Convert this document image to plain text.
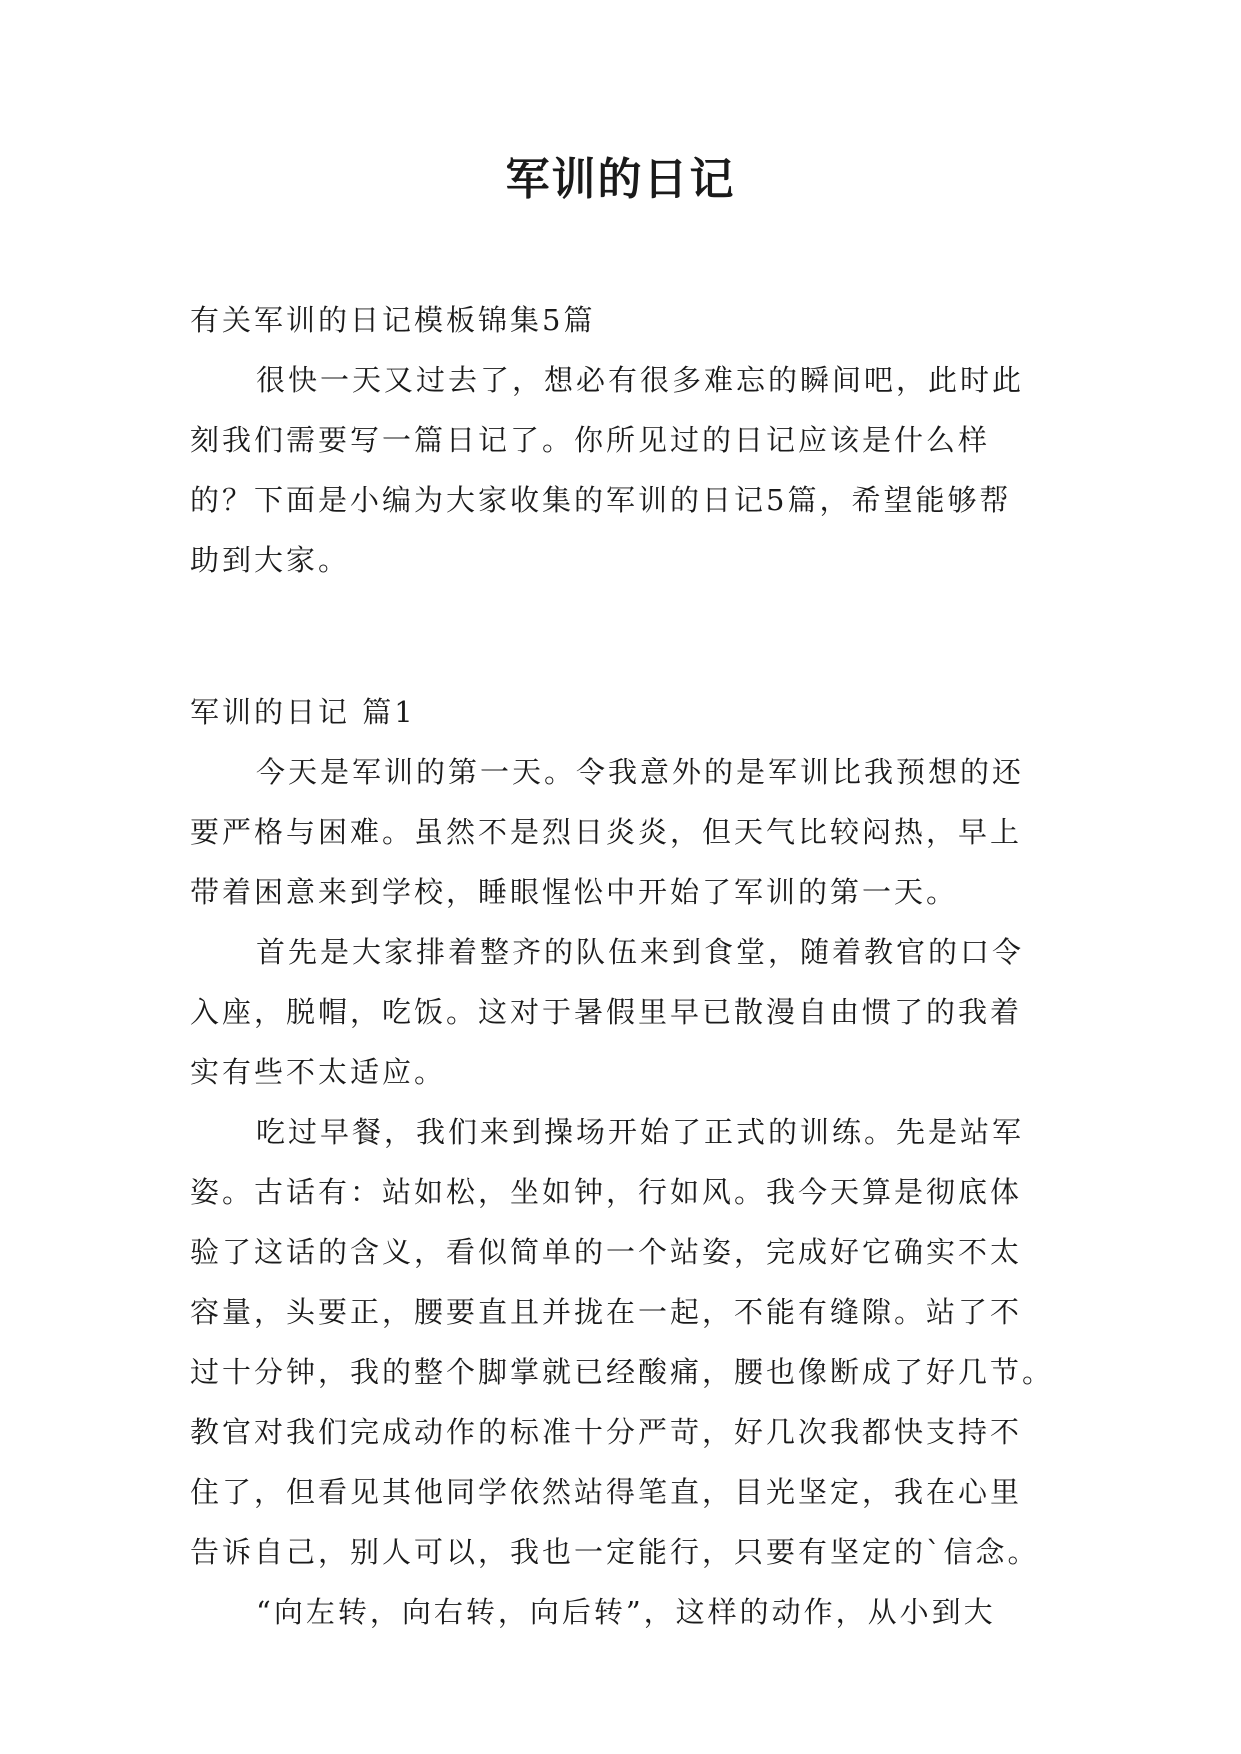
军训的日记

有关军训的日记模板锦集5篇

很快一天又过去了，想必有很多难忘的瞬间吧，此时此

刻我们需要写一篇日记了。你所见过的日记应该是什么样

的？下面是小编为大家收集的军训的日记5篇，希望能够帮

助到大家。

军训的日记 篇1

今天是军训的第一天。令我意外的是军训比我预想的还

要严格与困难。虽然不是烈日炎炎，但天气比较闷热，早上

带着困意来到学校，睡眼惺忪中开始了军训的第一天。

首先是大家排着整齐的队伍来到食堂，随着教官的口令

入座，脱帽，吃饭。这对于暑假里早已散漫自由惯了的我着

实有些不太适应。

吃过早餐，我们来到操场开始了正式的训练。先是站军

姿。古话有：站如松，坐如钟，行如风。我今天算是彻底体

验了这话的含义，看似简单的一个站姿，完成好它确实不太

容量，头要正，腰要直且并拢在一起，不能有缝隙。站了不

过十分钟，我的整个脚掌就已经酸痛，腰也像断成了好几节。

教官对我们完成动作的标准十分严苛，好几次我都快支持不

住了，但看见其他同学依然站得笔直，目光坚定，我在心里

告诉自己，别人可以，我也一定能行，只要有坚定的`信念。

“向左转，向右转，向后转”，这样的动作，从小到大
